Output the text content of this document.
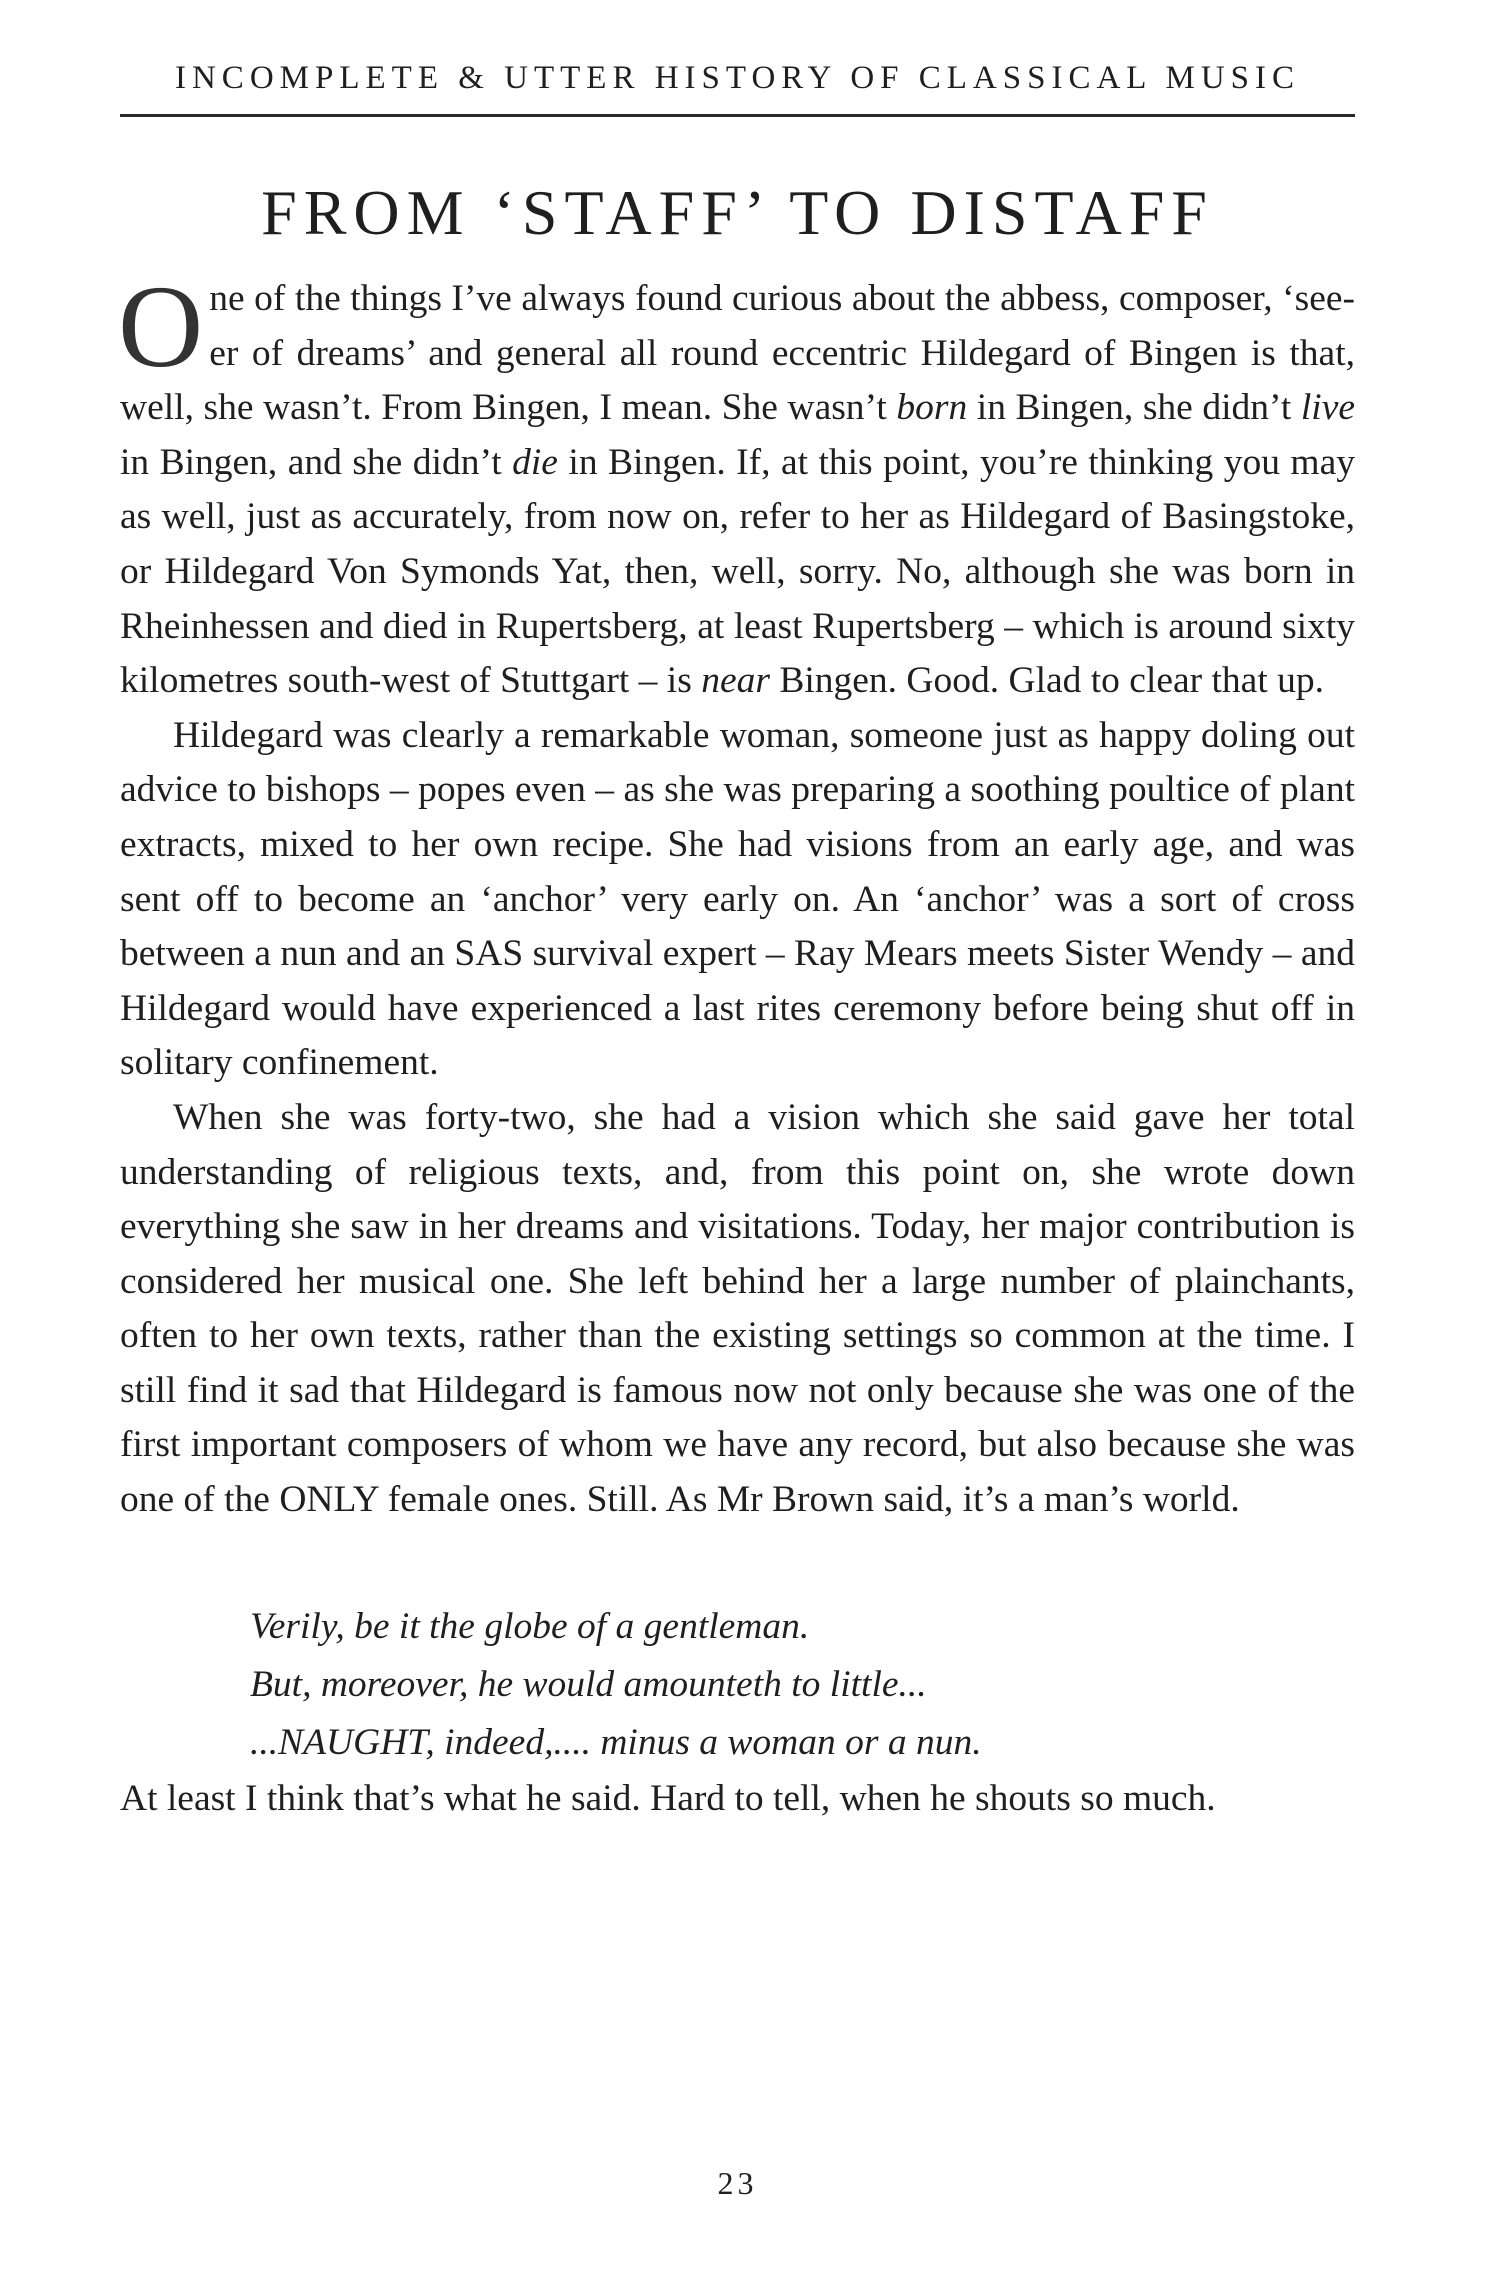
INCOMPLETE & UTTER HISTORY OF CLASSICAL MUSIC
FROM ‘STAFF’ TO DISTAFF

One of the things I’ve always found curious about the abbess, composer, ‘see-er of dreams’ and general all round eccentric Hildegard of Bingen is that, well, she wasn’t. From Bingen, I mean. She wasn’t born in Bingen, she didn’t live in Bingen, and she didn’t die in Bingen. If, at this point, you’re thinking you may as well, just as accurately, from now on, refer to her as Hildegard of Basingstoke, or Hildegard Von Symonds Yat, then, well, sorry. No, although she was born in Rheinhessen and died in Rupertsberg, at least Rupertsberg – which is around sixty kilometres south-west of Stuttgart – is near Bingen. Good. Glad to clear that up.

Hildegard was clearly a remarkable woman, someone just as happy doling out advice to bishops – popes even – as she was preparing a soothing poultice of plant extracts, mixed to her own recipe. She had visions from an early age, and was sent off to become an ‘anchor’ very early on. An ‘anchor’ was a sort of cross between a nun and an SAS survival expert – Ray Mears meets Sister Wendy – and Hildegard would have experienced a last rites ceremony before being shut off in solitary confinement.

When she was forty-two, she had a vision which she said gave her total understanding of religious texts, and, from this point on, she wrote down everything she saw in her dreams and visitations. Today, her major contribution is considered her musical one. She left behind her a large number of plainchants, often to her own texts, rather than the existing settings so common at the time. I still find it sad that Hildegard is famous now not only because she was one of the first important composers of whom we have any record, but also because she was one of the ONLY female ones. Still. As Mr Brown said, it’s a man’s world.

Verily, be it the globe of a gentleman.
But, moreover, he would amounteth to little...
...NAUGHT, indeed,.... minus a woman or a nun.

At least I think that’s what he said. Hard to tell, when he shouts so much.

23
